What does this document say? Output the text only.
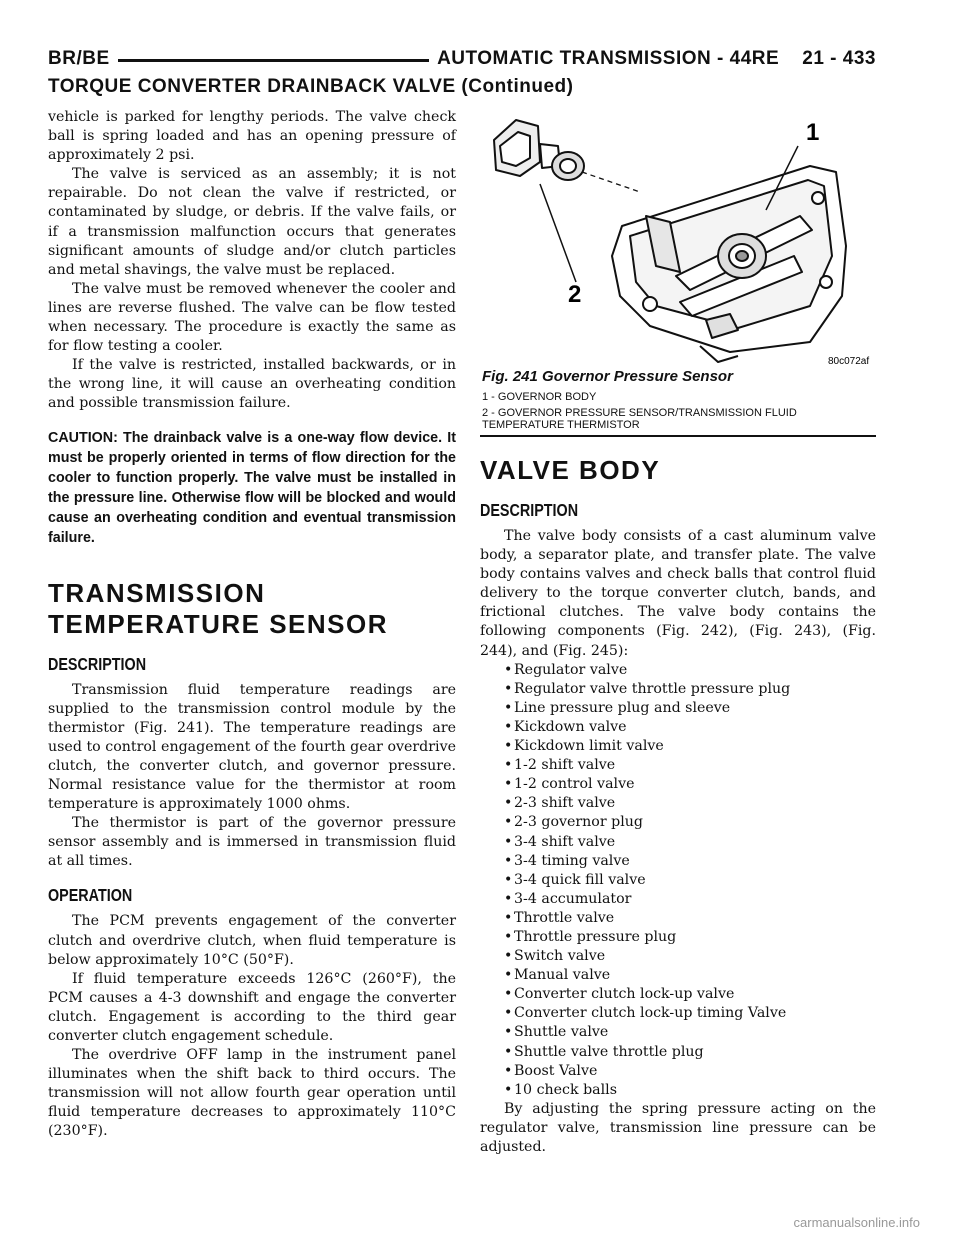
BR/BE	AUTOMATIC TRANSMISSION - 44RE    21 - 433
TORQUE CONVERTER DRAINBACK VALVE (Continued)

vehicle is parked for lengthy periods. The valve check ball is spring loaded and has an opening pressure of approximately 2 psi.

The valve is serviced as an assembly; it is not repairable. Do not clean the valve if restricted, or contaminated by sludge, or debris. If the valve fails, or if a transmission malfunction occurs that generates significant amounts of sludge and/or clutch particles and metal shavings, the valve must be replaced.

The valve must be removed whenever the cooler and lines are reverse flushed. The valve can be flow tested when necessary. The procedure is exactly the same as for flow testing a cooler.

If the valve is restricted, installed backwards, or in the wrong line, it will cause an overheating condition and possible transmission failure.

CAUTION: The drainback valve is a one-way flow device. It must be properly oriented in terms of flow direction for the cooler to function properly. The valve must be installed in the pressure line. Otherwise flow will be blocked and would cause an overheating condition and eventual transmission failure.

TRANSMISSION
TEMPERATURE SENSOR
DESCRIPTION

Transmission fluid temperature readings are supplied to the transmission control module by the thermistor (Fig. 241). The temperature readings are used to control engagement of the fourth gear overdrive clutch, the converter clutch, and governor pressure. Normal resistance value for the thermistor at room temperature is approximately 1000 ohms.

The thermistor is part of the governor pressure sensor assembly and is immersed in transmission fluid at all times.

OPERATION

The PCM prevents engagement of the converter clutch and overdrive clutch, when fluid temperature is below approximately 10°C (50°F).

If fluid temperature exceeds 126°C (260°F), the PCM causes a 4-3 downshift and engage the converter clutch. Engagement is according to the third gear converter clutch engagement schedule.

The overdrive OFF lamp in the instrument panel illuminates when the shift back to third occurs. The transmission will not allow fourth gear operation until fluid temperature decreases to approximately 110°C (230°F).

1
2
80c072af
Fig. 241 Governor Pressure Sensor
1 - GOVERNOR BODY
2 - GOVERNOR PRESSURE SENSOR/TRANSMISSION FLUID TEMPERATURE THERMISTOR
VALVE BODY
DESCRIPTION

The valve body consists of a cast aluminum valve body, a separator plate, and transfer plate. The valve body contains valves and check balls that control fluid delivery to the torque converter clutch, bands, and frictional clutches. The valve body contains the following components (Fig. 242), (Fig. 243), (Fig. 244), and (Fig. 245):

• Regulator valve
• Regulator valve throttle pressure plug
• Line pressure plug and sleeve
• Kickdown valve
• Kickdown limit valve
• 1-2 shift valve
• 1-2 control valve
• 2-3 shift valve
• 2-3 governor plug
• 3-4 shift valve
• 3-4 timing valve
• 3-4 quick fill valve
• 3-4 accumulator
• Throttle valve
• Throttle pressure plug
• Switch valve
• Manual valve
• Converter clutch lock-up valve
• Converter clutch lock-up timing Valve
• Shuttle valve
• Shuttle valve throttle plug
• Boost Valve
• 10 check balls

By adjusting the spring pressure acting on the regulator valve, transmission line pressure can be adjusted.

carmanualsonline.info
